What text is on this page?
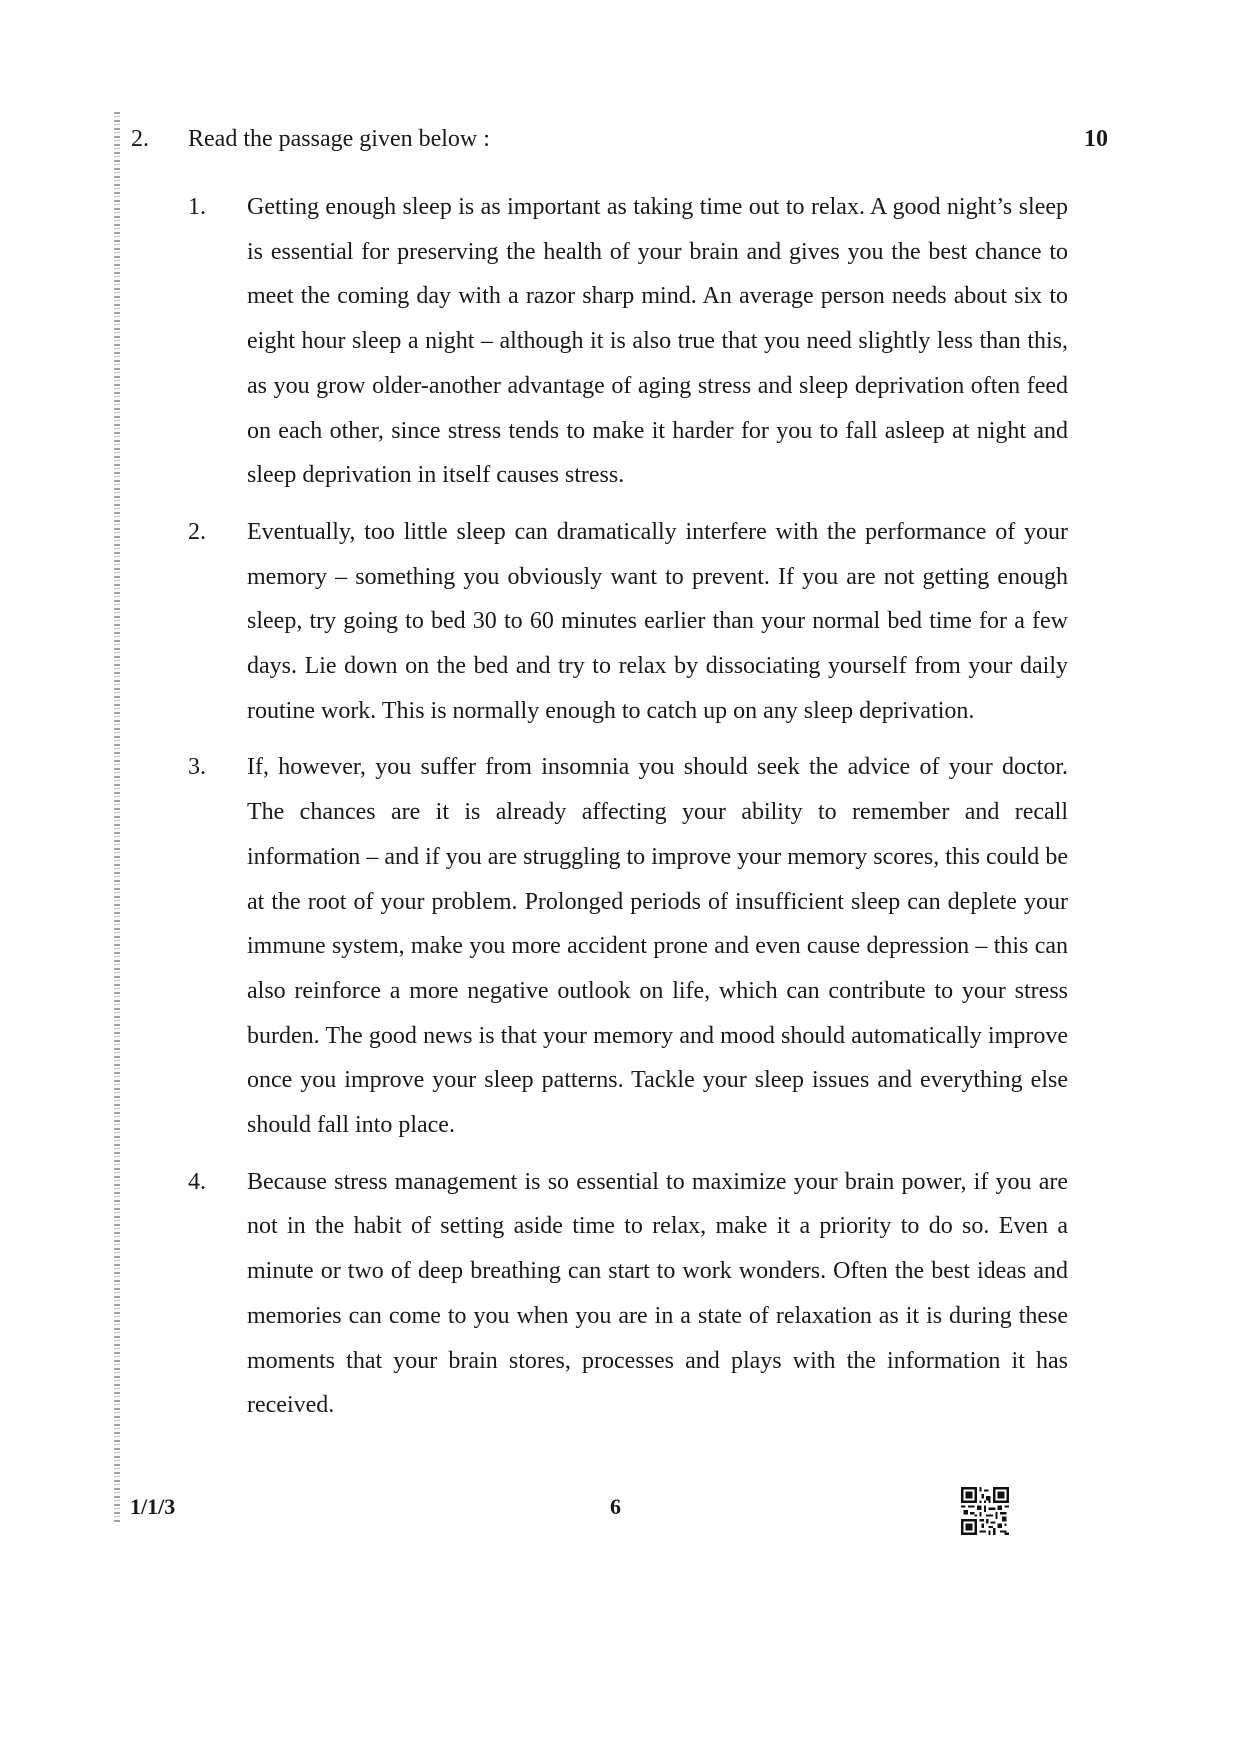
2. Read the passage given below :	10
1. Getting enough sleep is as important as taking time out to relax. A good night’s sleep is essential for preserving the health of your brain and gives you the best chance to meet the coming day with a razor sharp mind. An average person needs about six to eight hour sleep a night – although it is also true that you need slightly less than this, as you grow older-another advantage of aging stress and sleep deprivation often feed on each other, since stress tends to make it harder for you to fall asleep at night and sleep deprivation in itself causes stress.
2. Eventually, too little sleep can dramatically interfere with the performance of your memory – something you obviously want to prevent. If you are not getting enough sleep, try going to bed 30 to 60 minutes earlier than your normal bed time for a few days. Lie down on the bed and try to relax by dissociating yourself from your daily routine work. This is normally enough to catch up on any sleep deprivation.
3. If, however, you suffer from insomnia you should seek the advice of your doctor. The chances are it is already affecting your ability to remember and recall information – and if you are struggling to improve your memory scores, this could be at the root of your problem. Prolonged periods of insufficient sleep can deplete your immune system, make you more accident prone and even cause depression – this can also reinforce a more negative outlook on life, which can contribute to your stress burden. The good news is that your memory and mood should automatically improve once you improve your sleep patterns. Tackle your sleep issues and everything else should fall into place.
4. Because stress management is so essential to maximize your brain power, if you are not in the habit of setting aside time to relax, make it a priority to do so. Even a minute or two of deep breathing can start to work wonders. Often the best ideas and memories can come to you when you are in a state of relaxation as it is during these moments that your brain stores, processes and plays with the information it has received.
1/1/3	6
